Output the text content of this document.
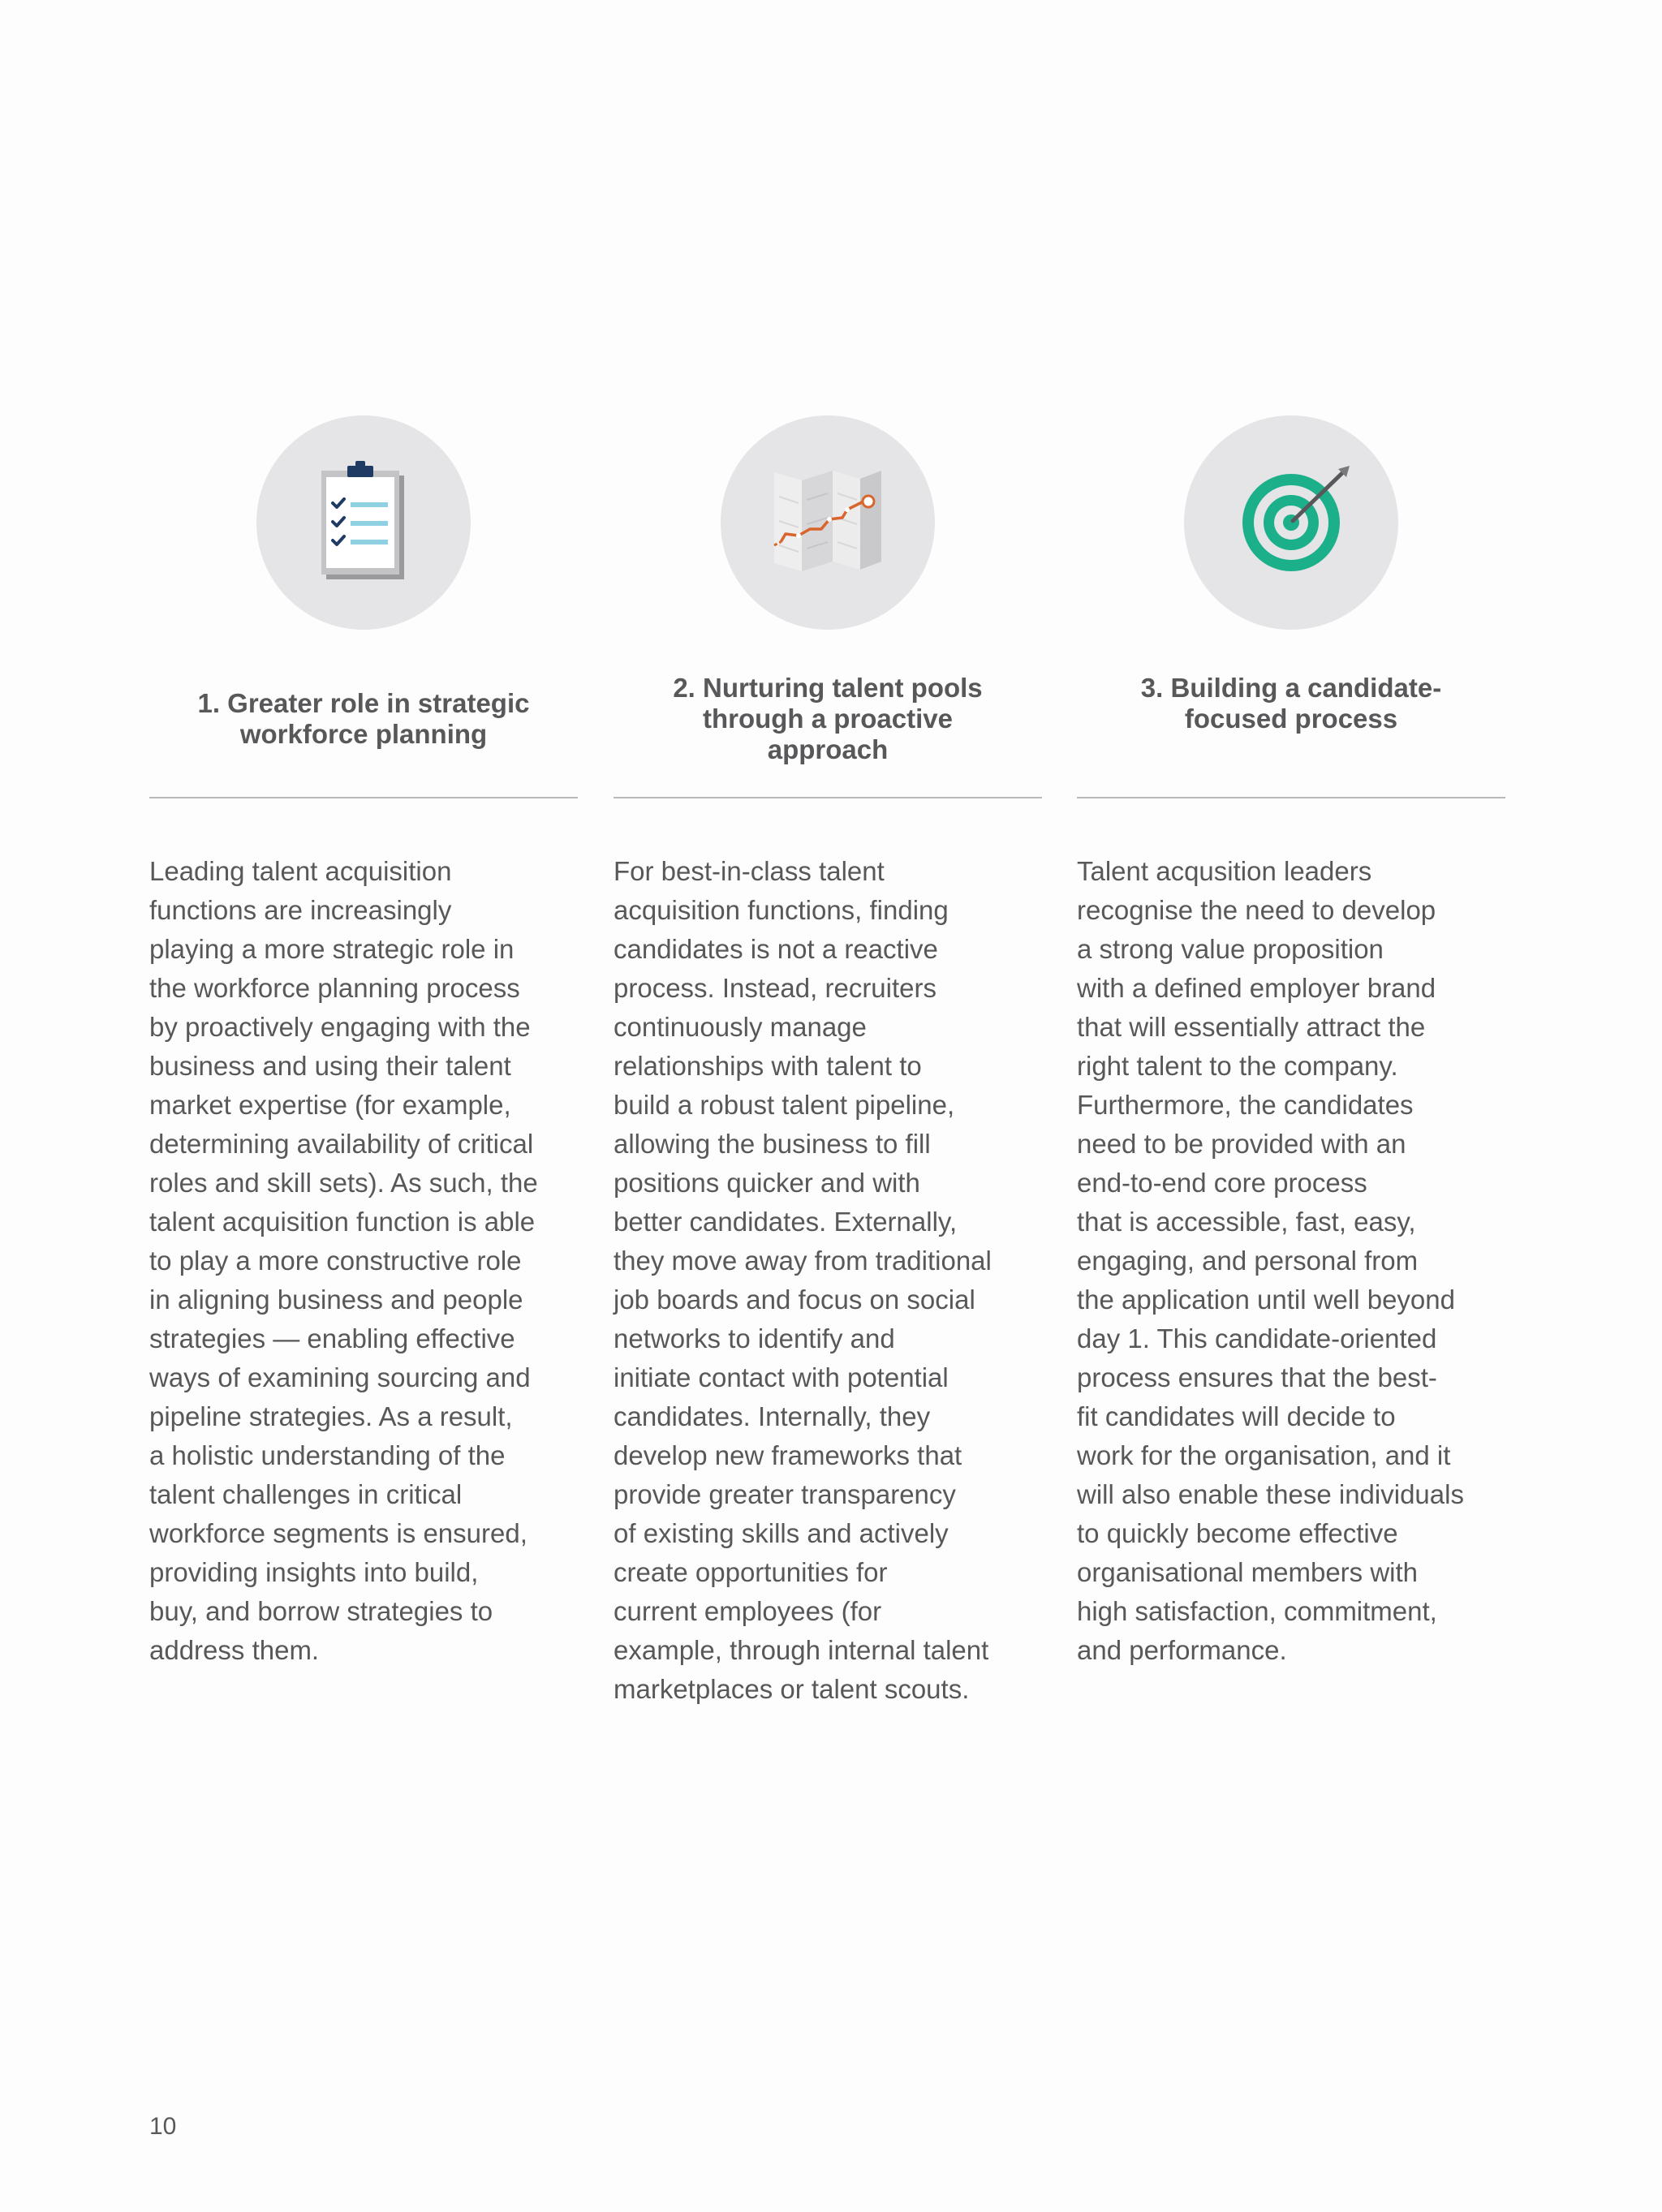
1. Greater role in strategic
workforce planning

Leading talent acquisition
functions are increasingly
playing a more strategic role in
the workforce planning process
by proactively engaging with the
business and using their talent
market expertise (for example,
determining availability of critical
roles and skill sets). As such, the
talent acquisition function is able
to play a more constructive role
in aligning business and people
strategies — enabling effective
ways of examining sourcing and
pipeline strategies. As a result,
a holistic understanding of the
talent challenges in critical
workforce segments is ensured,
providing insights into build,
buy, and borrow strategies to
address them.

2. Nurturing talent pools
through a proactive
approach

For best-in-class talent
acquisition functions, finding
candidates is not a reactive
process. Instead, recruiters
continuously manage
relationships with talent to
build a robust talent pipeline,
allowing the business to fill
positions quicker and with
better candidates. Externally,
they move away from traditional
job boards and focus on social
networks to identify and
initiate contact with potential
candidates. Internally, they
develop new frameworks that
provide greater transparency
of existing skills and actively
create opportunities for
current employees (for
example, through internal talent
marketplaces or talent scouts.

3. Building a candidate-
focused process

Talent acqusition leaders
recognise the need to develop
a strong value proposition
with a defined employer brand
that will essentially attract the
right talent to the company.
Furthermore, the candidates
need to be provided with an
end-to-end core process
that is accessible, fast, easy,
engaging, and personal from
the application until well beyond
day 1. This candidate-oriented
process ensures that the best-
fit candidates will decide to
work for the organisation, and it
will also enable these individuals
to quickly become effective
organisational members with
high satisfaction, commitment,
and performance.

10
